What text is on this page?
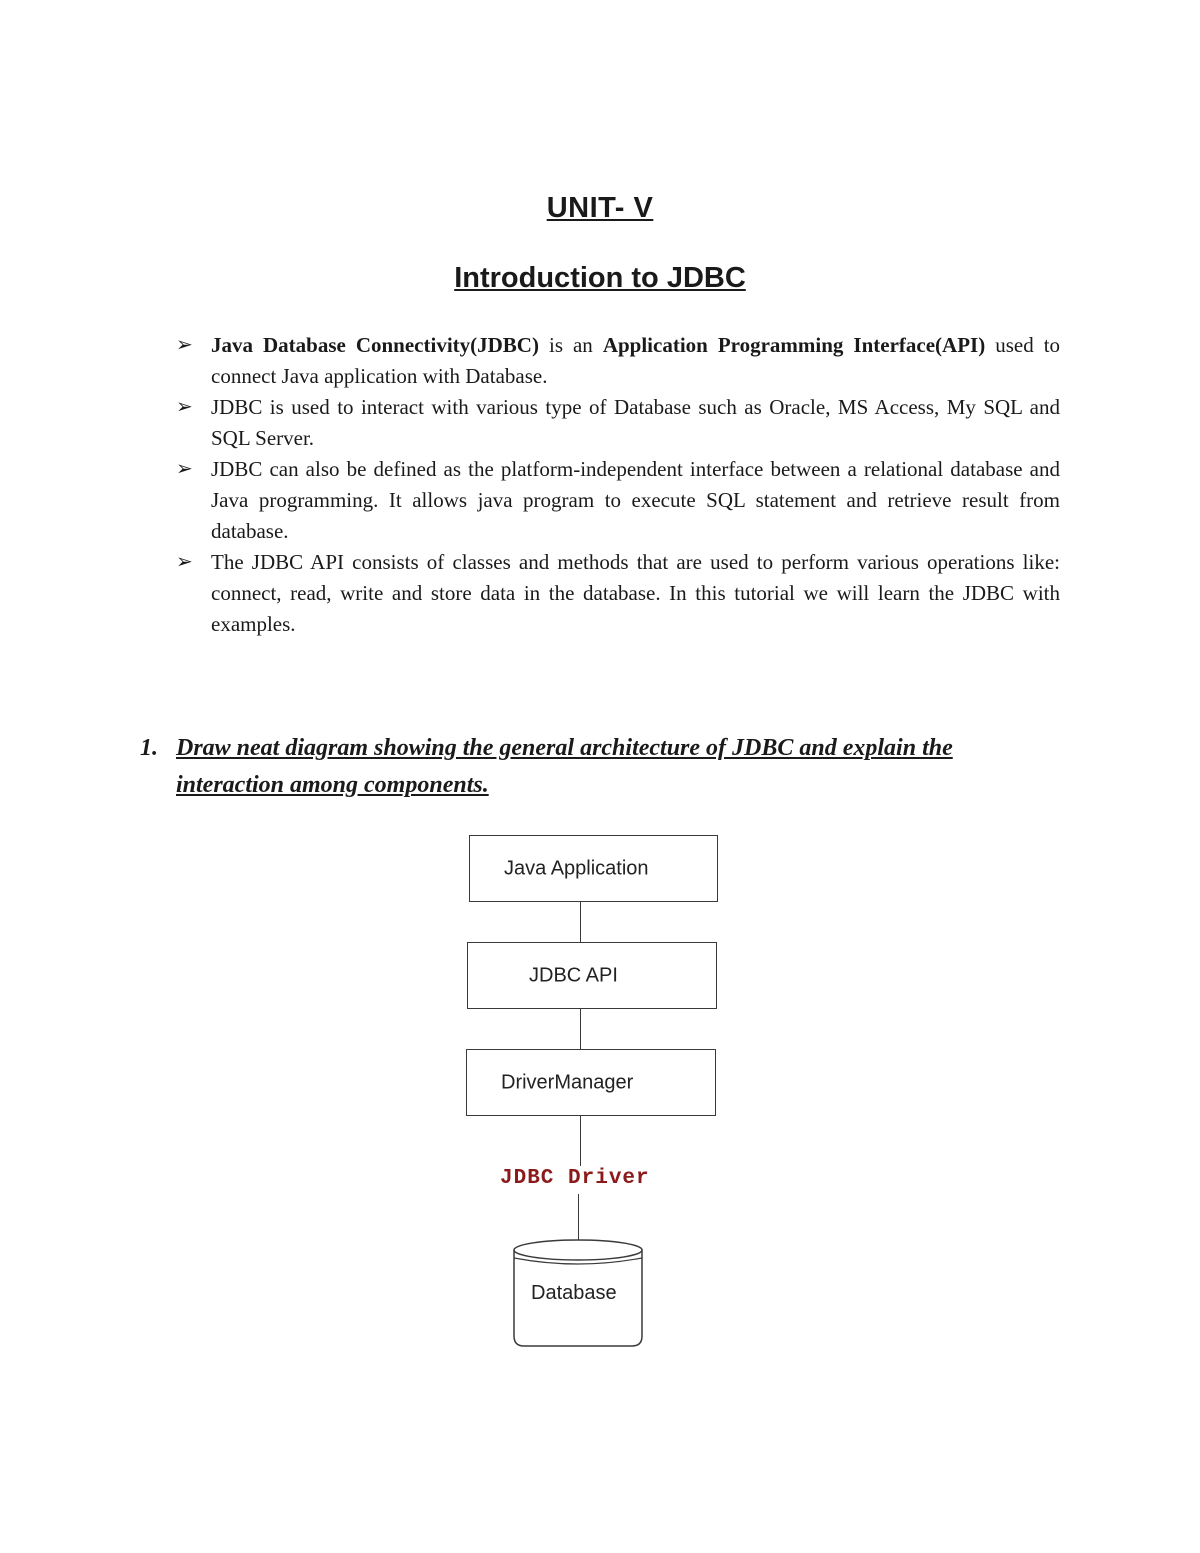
UNIT- V
Introduction to JDBC
➢ Java Database Connectivity(JDBC) is an Application Programming Interface(API) used to connect Java application with Database.
➢ JDBC is used to interact with various type of Database such as Oracle, MS Access, My SQL and SQL Server.
➢ JDBC can also be defined as the platform-independent interface between a relational database and Java programming. It allows java program to execute SQL statement and retrieve result from database.
➢ The JDBC API consists of classes and methods that are used to perform various operations like: connect, read, write and store data in the database. In this tutorial we will learn the JDBC with examples.
1. Draw neat diagram showing the general architecture of JDBC and explain the interaction among components.
Java Application
JDBC API
DriverManager
JDBC Driver
Database
